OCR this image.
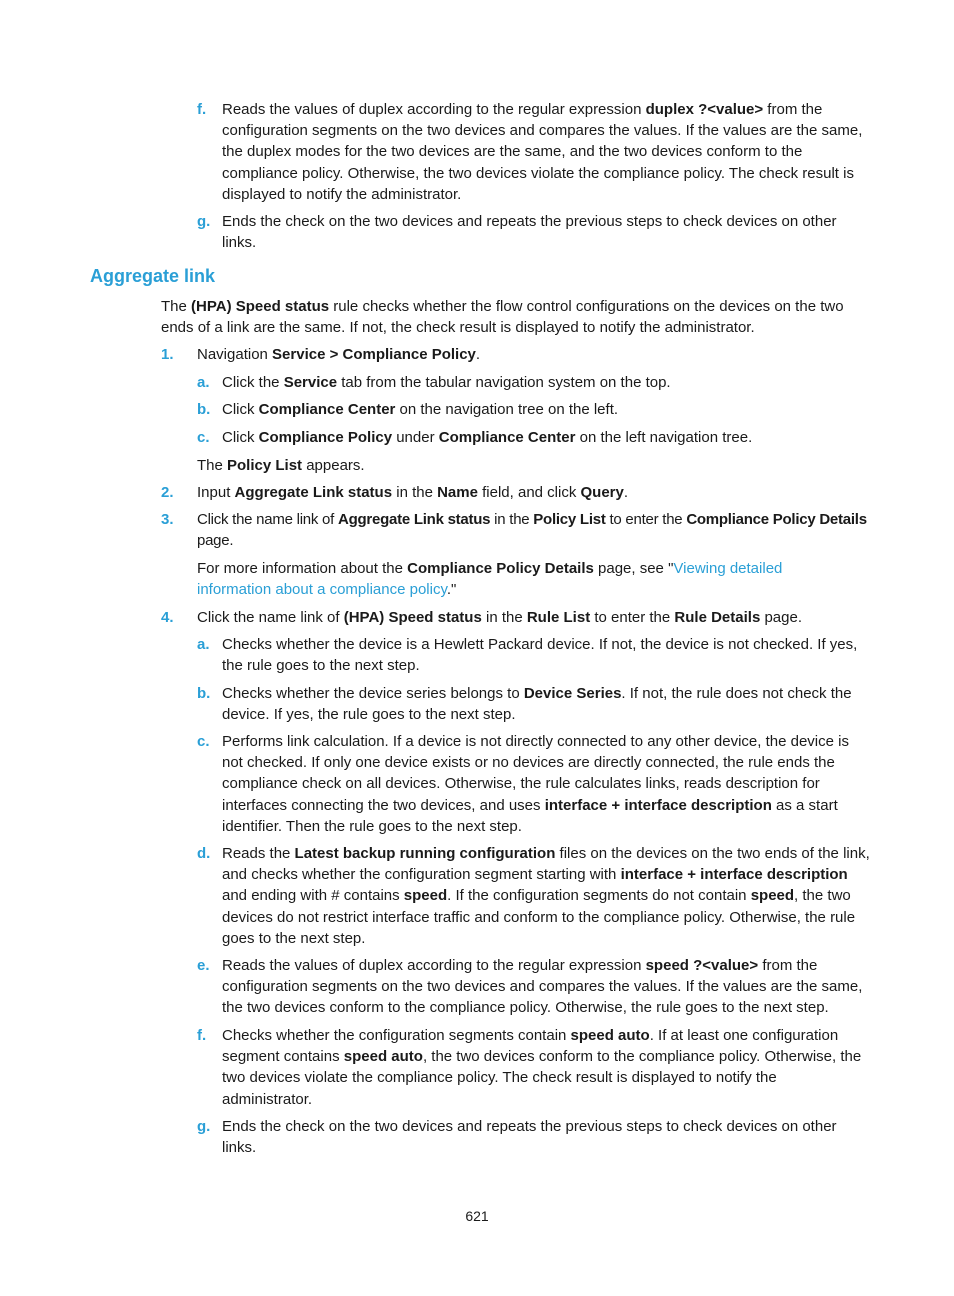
f. Reads the values of duplex according to the regular expression duplex ?<value> from the configuration segments on the two devices and compares the values. If the values are the same, the duplex modes for the two devices are the same, and the two devices conform to the compliance policy. Otherwise, the two devices violate the compliance policy. The check result is displayed to notify the administrator.
g. Ends the check on the two devices and repeats the previous steps to check devices on other links.
Aggregate link
The (HPA) Speed status rule checks whether the flow control configurations on the devices on the two ends of a link are the same. If not, the check result is displayed to notify the administrator.
1. Navigation Service > Compliance Policy.
a. Click the Service tab from the tabular navigation system on the top.
b. Click Compliance Center on the navigation tree on the left.
c. Click Compliance Policy under Compliance Center on the left navigation tree.
The Policy List appears.
2. Input Aggregate Link status in the Name field, and click Query.
3. Click the name link of Aggregate Link status in the Policy List to enter the Compliance Policy Details page.
For more information about the Compliance Policy Details page, see "Viewing detailed information about a compliance policy."
4. Click the name link of (HPA) Speed status in the Rule List to enter the Rule Details page.
a. Checks whether the device is a Hewlett Packard device. If not, the device is not checked. If yes, the rule goes to the next step.
b. Checks whether the device series belongs to Device Series. If not, the rule does not check the device. If yes, the rule goes to the next step.
c. Performs link calculation. If a device is not directly connected to any other device, the device is not checked. If only one device exists or no devices are directly connected, the rule ends the compliance check on all devices. Otherwise, the rule calculates links, reads description for interfaces connecting the two devices, and uses interface + interface description as a start identifier. Then the rule goes to the next step.
d. Reads the Latest backup running configuration files on the devices on the two ends of the link, and checks whether the configuration segment starting with interface + interface description and ending with # contains speed. If the configuration segments do not contain speed, the two devices do not restrict interface traffic and conform to the compliance policy. Otherwise, the rule goes to the next step.
e. Reads the values of duplex according to the regular expression speed ?<value> from the configuration segments on the two devices and compares the values. If the values are the same, the two devices conform to the compliance policy. Otherwise, the rule goes to the next step.
f. Checks whether the configuration segments contain speed auto. If at least one configuration segment contains speed auto, the two devices conform to the compliance policy. Otherwise, the two devices violate the compliance policy. The check result is displayed to notify the administrator.
g. Ends the check on the two devices and repeats the previous steps to check devices on other links.
621
